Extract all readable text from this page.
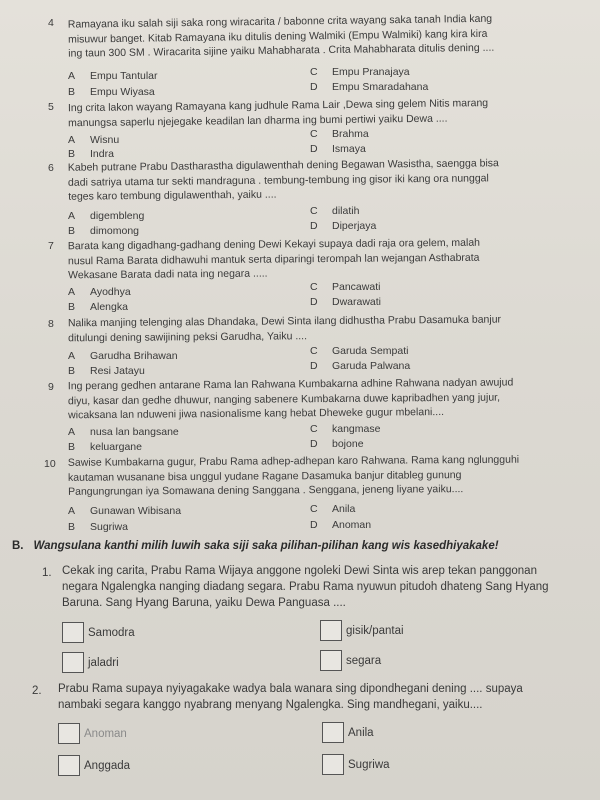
4 Ramayana iku salah siji saka rong wiracarita / babonne crita wayang saka tanah India kang
misuwur banget. Kitab Ramayana iku ditulis dening Walmiki (Empu Walmiki) kang kira kira
ing taun 300 SM . Wiracarita sijine yaiku Mahabharata . Crita Mahabharata ditulis dening ....
A Empu Tantular	C Empu Pranajaya
B Empu Wiyasa	D Empu Smaradahana
5 Ing crita lakon wayang Ramayana kang judhule Rama Lair ,Dewa sing gelem Nitis marang
manungsa saperlu njejegake keadilan lan dharma ing bumi pertiwi yaiku Dewa ....
A Wisnu	C Brahma
B Indra	D Ismaya
6 Kabeh putrane Prabu Dastharastha digulawenthah dening Begawan Wasistha, saengga bisa
dadi satriya utama tur sekti mandraguna . tembung-tembung ing gisor iki kang ora nunggal
teges karo tembung digulawenthah, yaiku ....
A digembleng	C dilatih
B dimomong	D Diperjaya
7 Barata kang digadhang-gadhang dening Dewi Kekayi supaya dadi raja ora gelem, malah
nusul Rama Barata didhawuhi mantuk serta diparingi terompah lan wejangan Asthabrata
Wekasane Barata dadi nata ing negara .....
A Ayodhya	C Pancawati
B Alengka	D Dwarawati
8 Nalika manjing telenging alas Dhandaka, Dewi Sinta ilang didhustha Prabu Dasamuka banjur
ditulungi dening sawijining peksi Garudha, Yaiku ....
A Garudha Brihawan	C Garuda Sempati
B Resi Jatayu	D Garuda Palwana
9 Ing perang gedhen antarane Rama lan Rahwana Kumbakarna adhine Rahwana nadyan awujud
diyu, kasar dan gedhe dhuwur, nanging sabenere Kumbakarna duwe kapribadhen yang jujur,
wicaksana lan nduweni jiwa nasionalisme kang hebat Dheweke gugur mbelani....
A nusa lan bangsane	C kangmase
B keluargane	D bojone
10 Sawise Kumbakarna gugur, Prabu Rama adhep-adhepan karo Rahwana. Rama kang nglungguhi
kautaman wusanane bisa unggul yudane Ragane Dasamuka banjur ditableg gunung
Pangungrungan iya Somawana dening Sanggana . Senggana, jeneng liyane yaiku....
A Gunawan Wibisana	C Anila
B Sugriwa	D Anoman
B. Wangsulana kanthi milih luwih saka siji saka pilihan-pilihan kang wis kasedhiyakake!
1. Cekak ing carita, Prabu Rama Wijaya anggone ngoleki Dewi Sinta wis arep tekan panggonan
negara Ngalengka nanging diadang segara. Prabu Rama nyuwun pitudoh dhateng Sang Hyang
Baruna. Sang Hyang Baruna, yaiku Dewa Panguasa ....
Samodra	gisik/pantai
jaladri	segara
2. Prabu Rama supaya nyiyagakake wadya bala wanara sing dipondhegani dening .... supaya
nambaki segara kanggo nyabrang menyang Ngalengka. Sing mandhegani, yaiku....
Anoman	Anila
Anggada	Sugriwa
